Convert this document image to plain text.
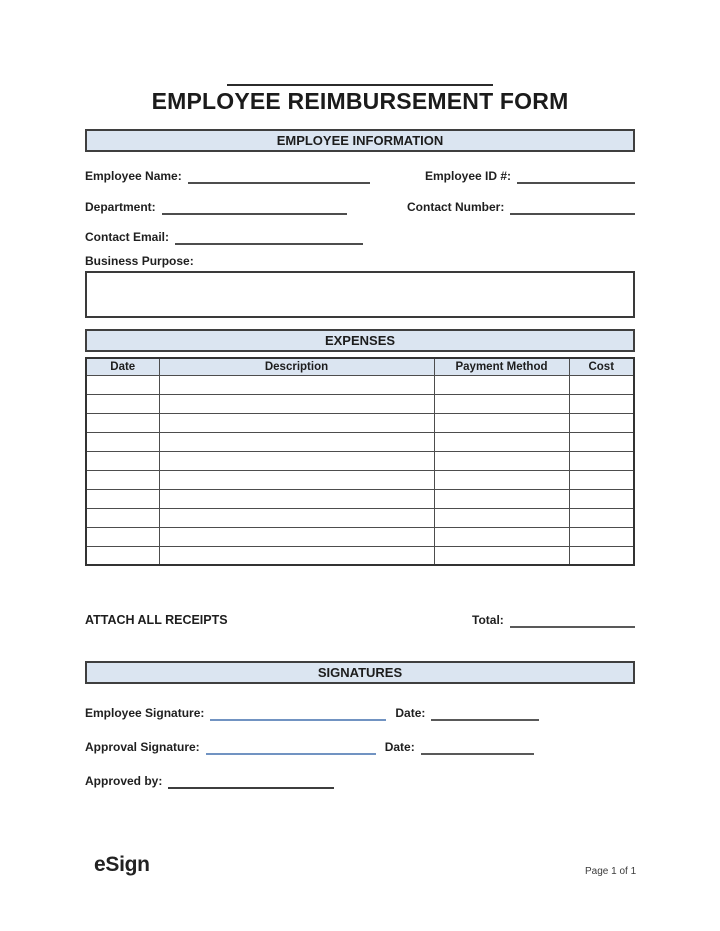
EMPLOYEE REIMBURSEMENT FORM
EMPLOYEE INFORMATION
Employee Name:	Employee ID #:
Department:	Contact Number:
Contact Email:
Business Purpose:
EXPENSES
Date	Description	Payment Method	Cost

ATTACH ALL RECEIPTS	Total:
SIGNATURES
Employee Signature:	Date:
Approval Signature:	Date:
Approved by:
eSign	Page 1 of 1
